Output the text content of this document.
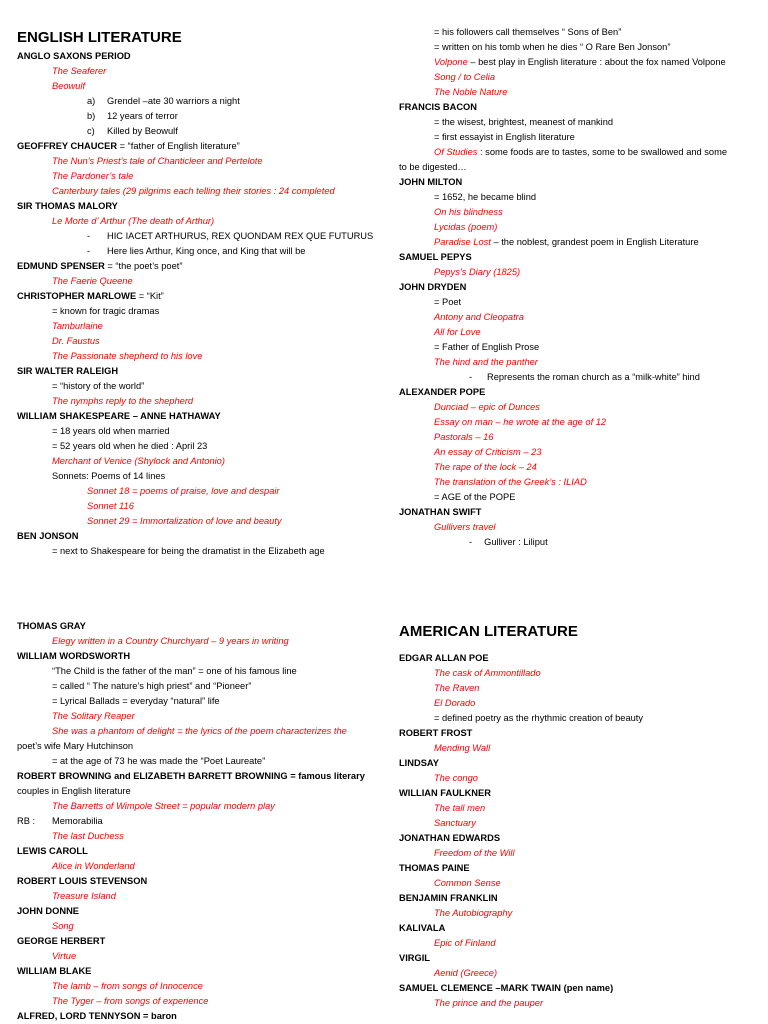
ENGLISH LITERATURE
ANGLO SAXONS PERIOD
The Seaferer
Beowulf
a) Grendel –ate 30 warriors a night
b) 12 years of terror
c) Killed by Beowulf
GEOFFREY CHAUCER = “father of English literature”
The Nun’s Priest’s tale of Chanticleer and Pertelote
The Pardoner’s tale
Canterbury tales (29 pilgrims each telling their stories : 24 completed
SIR THOMAS MALORY
Le Morte d’ Arthur (The death of Arthur)
- HIC IACET ARTHURUS, REX QUONDAM REX QUE FUTURUS
- Here lies Arthur, King once, and King that will be
EDMUND SPENSER = “the poet’s poet”
The Faerie Queene
CHRISTOPHER MARLOWE = “Kit”
= known for tragic dramas
Tamburlaine
Dr. Faustus
The Passionate shepherd to his love
SIR WALTER RALEIGH
= “history of the world”
The nymphs reply to the shepherd
WILLIAM SHAKESPEARE – ANNE HATHAWAY
= 18 years old when married
= 52 years old when he died : April 23
Merchant of Venice (Shylock and Antonio)
Sonnets: Poems of 14 lines
Sonnet 18 = poems of praise, love and despair
Sonnet 116
Sonnet 29 = Immortalization of love and beauty
BEN JONSON
= next to Shakespeare for being the dramatist in the Elizabeth age
= his followers call themselves “ Sons of Ben”
= written on his tomb when he dies “ O Rare Ben Jonson”
Volpone – best play in English literature : about the fox named Volpone
Song / to Celia
The Noble Nature
FRANCIS BACON
= the wisest, brightest, meanest of mankind
= first essayist in English literature
Of Studies : some foods are to tastes, some to be swallowed and some
to be digested…
JOHN MILTON
= 1652, he became blind
On his blindness
Lycidas (poem)
Paradise Lost – the noblest, grandest poem in English Literature
SAMUEL PEPYS
Pepys’s Diary (1825)
JOHN DRYDEN
= Poet
Antony and Cleopatra
All for Love
= Father of English Prose
The hind and the panther
- Represents the roman church as a “milk-white” hind
ALEXANDER POPE
Dunciad – epic of Dunces
Essay on man – he wrote at the age of 12
Pastorals – 16
An essay of Criticism – 23
The rape of the lock – 24
The translation of the Greek’s : ILIAD
= AGE of the POPE
JONATHAN SWIFT
Gullivers travel
- Gulliver : Liliput
THOMAS GRAY
Elegy written in a Country Churchyard – 9 years in writing
WILLIAM WORDSWORTH
“The Child is the father of the man” = one of his famous line
= called “ The nature’s high priest” and “Pioneer”
= Lyrical Ballads = everyday “natural” life
The Solitary Reaper
She was a phantom of delight = the lyrics of the poem characterizes the
poet’s wife Mary Hutchinson
= at the age of 73 he was made the “Poet Laureate”
ROBERT BROWNING and ELIZABETH BARRETT BROWNING = famous literary
couples in English literature
The Barretts of Wimpole Street = popular modern play
RB : Memorabilia
The last Duchess
LEWIS CAROLL
Alice in Wonderland
ROBERT LOUIS STEVENSON
Treasure Island
JOHN DONNE
Song
GEORGE HERBERT
Virtue
WILLIAM BLAKE
The lamb – from songs of Innocence
The Tyger – from songs of experience
ALFRED, LORD TENNYSON = baron
AMERICAN LITERATURE
EDGAR ALLAN POE
The cask of Ammontillado
The Raven
El Dorado
= defined poetry as the rhythmic creation of beauty
ROBERT FROST
Mending Wall
LINDSAY
The congo
WILLIAN FAULKNER
The tall men
Sanctuary
JONATHAN EDWARDS
Freedom of the Will
THOMAS PAINE
Common Sense
BENJAMIN FRANKLIN
The Autobiography
KALIVALA
Epic of Finland
VIRGIL
Aenid (Greece)
SAMUEL CLEMENCE –MARK TWAIN (pen name)
The prince and the pauper
